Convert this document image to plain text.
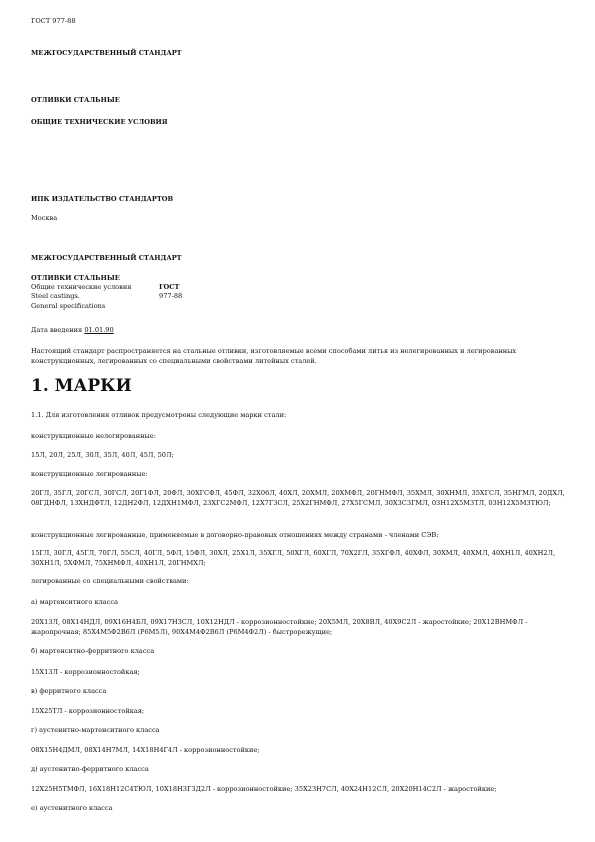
ГОСТ 977-88
МЕЖГОСУДАРСТВЕННЫЙ СТАНДАРТ
ОТЛИВКИ СТАЛЬНЫЕ
ОБЩИЕ ТЕХНИЧЕСКИЕ УСЛОВИЯ
ИПК ИЗДАТЕЛЬСТВО СТАНДАРТОВ
Москва
МЕЖГОСУДАРСТВЕННЫЙ СТАНДАРТ
ОТЛИВКИ СТАЛЬНЫЕ
Общие технические условия	ГОСТ
Steel castings.	977-88
General specifications
Дата введения 01.01.90
Настоящий стандарт распространяется на стальные отливки, изготовляемые всеми способами литья из нелегированных и легированных конструкционных, легированных со специальными свойствами литейных сталей.
1. МАРКИ
1.1. Для изготовления отливок предусмотрены следующие марки стали:
конструкционные нелегированные:
15Л, 20Л, 25Л, 30Л, 35Л, 40Л, 45Л, 50Л;
конструкционные легированные:
20ГЛ, 35ГЛ, 20ГСЛ, 30ГСЛ, 20Г1ФЛ, 20ФЛ, 30ХГСФЛ, 45ФЛ, 32Х06Л, 40ХЛ, 20ХМЛ, 20ХМФЛ, 20ГНМФЛ, 35ХМЛ, 30ХНМЛ, 35ХГСЛ, 35НГМЛ, 20ДХЛ, 08ГДНФЛ, 13ХНДФТЛ, 12ДН2ФЛ, 12ДХН1МФЛ, 23ХГС2МФЛ, 12Х7ГЗСЛ, 25Х2ГНМФЛ, 27Х5ГСМЛ, 30Х3С3ГМЛ, 03Н12Х5М3ТЛ, 03Н12Х5М3ТЮЛ;
конструкционные легированные, применяемые в договорно-правовых отношениях между странами - членами СЭВ:
15ГЛ, 30ГЛ, 45ГЛ, 70ГЛ, 55СЛ, 40ГЛ, 5ФЛ, 15ФЛ, 30ХЛ, 25Х1Л, 35ХГЛ, 50ХГЛ, 60ХГЛ, 70Х2ГЛ, 35ХГФЛ, 40ХФЛ, 30ХМЛ, 40ХМЛ, 40ХН1Л, 40ХН2Л, 30ХН1Л, 5ХФМЛ, 75ХНМФЛ, 40ХН1Л, 20ГНМХЛ;
легированные со специальными свойствами:
а) мартенситного класса
20Х13Л, 08Х14НДЛ, 09Х16Н4БЛ, 09Х17НЗСЛ, 10Х12НДЛ - коррозионностойкие; 20Х5МЛ, 20Х8ВЛ, 40Х9С2Л - жаростойкие; 20Х12ВНМФЛ - жаропрочная; 85Х4М5Ф2В6Л (Р6М5Л), 90Х4М4Ф2В6Л (Р6М4Ф2Л) - быстрорежущие;
б) мартенситно-ферритного класса
15Х13Л - коррозионностойкая;
в) ферритного класса
15Х25ТЛ - коррозионностойкая;
г) аустенитно-мартенситного класса
08Х15Н4ДМЛ, 08Х14Н7МЛ, 14Х18Н4Г4Л - коррозионностойкие;
д) аустенитно-ферритного класса
12Х25Н5ТМФЛ, 16Х18Н12С4ТЮЛ, 10Х18Н3Г3Д2Л - коррозионностойкие; 35Х23Н7СЛ, 40Х24Н12СЛ, 20Х20Н14С2Л - жаростойкие;
е) аустенитного класса
